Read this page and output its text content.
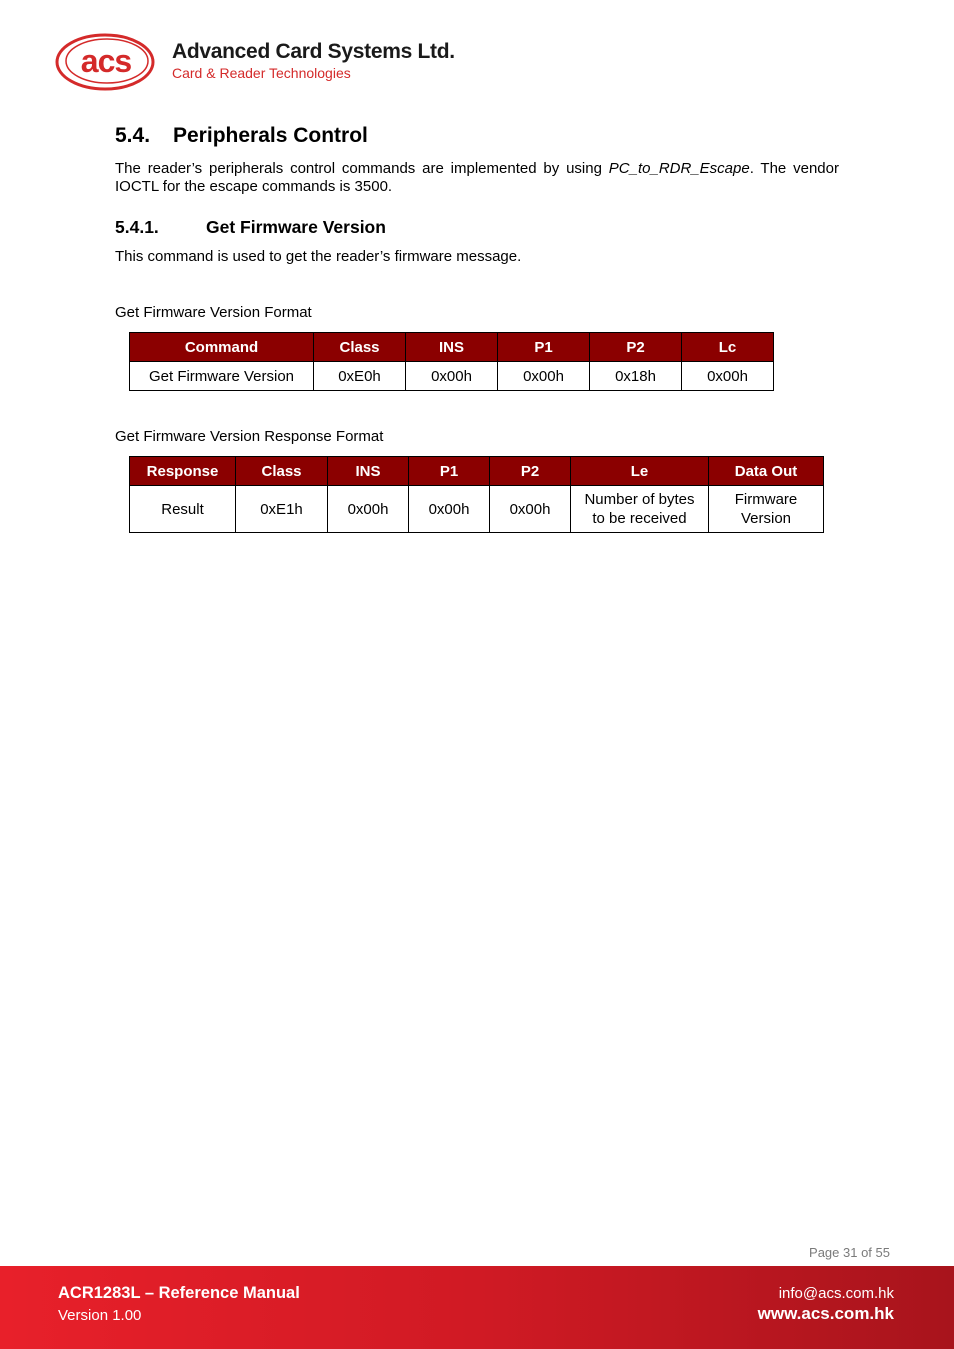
acs Advanced Card Systems Ltd.
Card & Reader Technologies
5.4. Peripherals Control
The reader’s peripherals control commands are implemented by using PC_to_RDR_Escape. The vendor IOCTL for the escape commands is 3500.
5.4.1.	Get Firmware Version
This command is used to get the reader’s firmware message.
Get Firmware Version Format
Command	Class	INS	P1	P2	Lc
Get Firmware Version	0xE0h	0x00h	0x00h	0x18h	0x00h
Get Firmware Version Response Format
Response	Class	INS	P1	P2	Le	Data Out
Result	0xE1h	0x00h	0x00h	0x00h	Number of bytes to be received	Firmware Version
Page 31 of 55
ACR1283L – Reference Manual
Version 1.00
info@acs.com.hk
www.acs.com.hk
